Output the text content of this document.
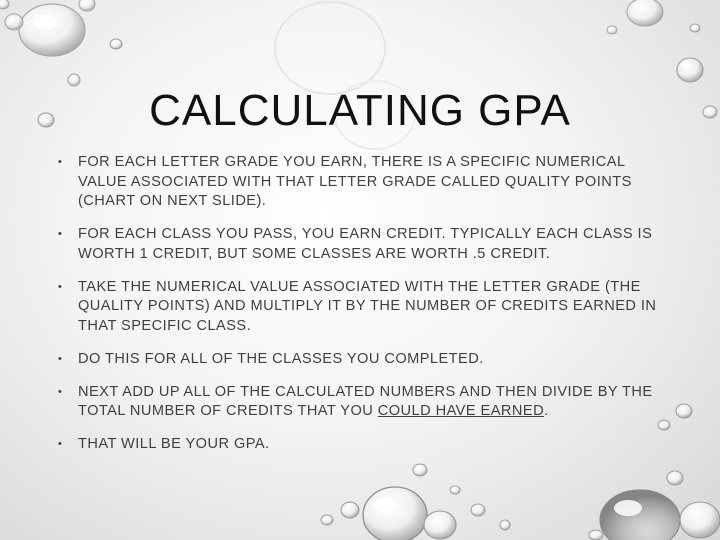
CALCULATING GPA
• FOR EACH LETTER GRADE YOU EARN, THERE IS A SPECIFIC NUMERICAL VALUE ASSOCIATED WITH THAT LETTER GRADE CALLED QUALITY POINTS (CHART ON NEXT SLIDE).
• FOR EACH CLASS YOU PASS, YOU EARN CREDIT. TYPICALLY EACH CLASS IS WORTH 1 CREDIT, BUT SOME CLASSES ARE WORTH .5 CREDIT.
• TAKE THE NUMERICAL VALUE ASSOCIATED WITH THE LETTER GRADE (THE QUALITY POINTS) AND MULTIPLY IT BY THE NUMBER OF CREDITS EARNED IN THAT SPECIFIC CLASS.
• DO THIS FOR ALL OF THE CLASSES YOU COMPLETED.
• NEXT ADD UP ALL OF THE CALCULATED NUMBERS AND THEN DIVIDE BY THE TOTAL NUMBER OF CREDITS THAT YOU COULD HAVE EARNED.
• THAT WILL BE YOUR GPA.
